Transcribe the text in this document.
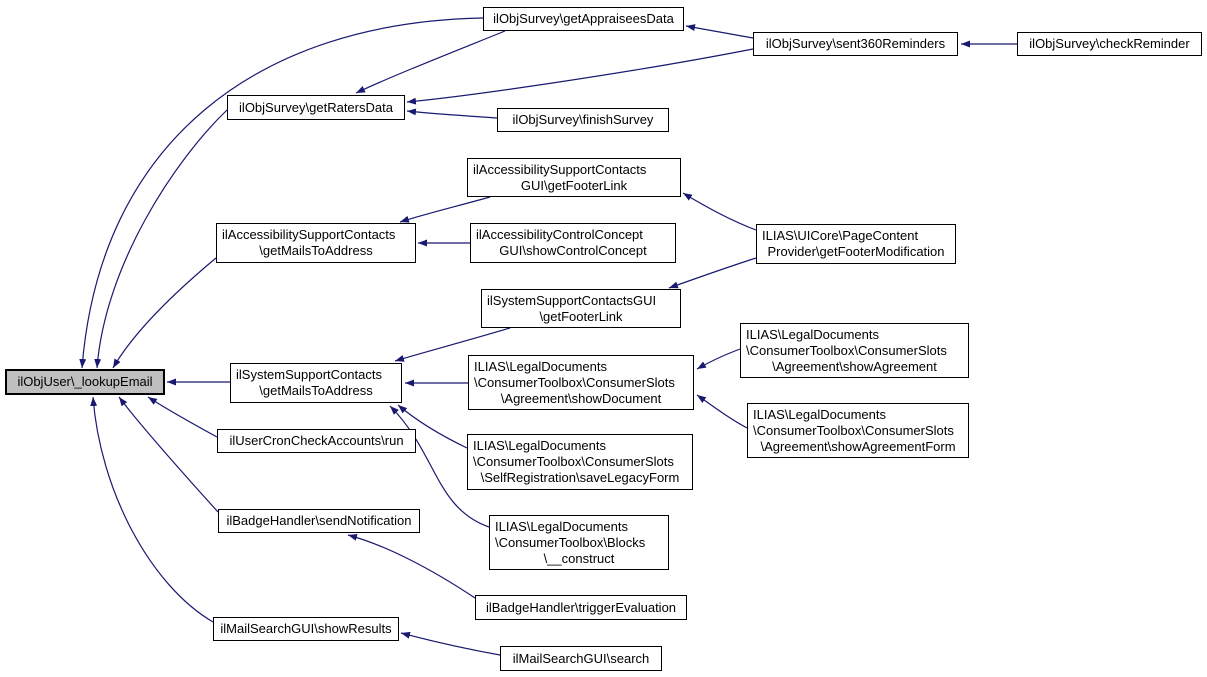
ilObjUser\_lookupEmail
ilObjSurvey\getAppraiseesData
ilObjSurvey\sent360Reminders	ilObjSurvey\checkReminder
ilObjSurvey\getRatersData
ilObjSurvey\finishSurvey
ilAccessibilitySupportContacts
GUI\getFooterLink
ilAccessibilitySupportContacts
\getMailsToAddress
ilAccessibilityControlConcept
GUI\showControlConcept
ILIAS\UICore\PageContent
Provider\getFooterModification
ilSystemSupportContactsGUI
\getFooterLink
ILIAS\LegalDocuments
\ConsumerToolbox\ConsumerSlots
\Agreement\showAgreement
ILIAS\LegalDocuments
\ConsumerToolbox\ConsumerSlots
\Agreement\showDocument
ilSystemSupportContacts
\getMailsToAddress
ILIAS\LegalDocuments
\ConsumerToolbox\ConsumerSlots
\Agreement\showAgreementForm
ilUserCronCheckAccounts\run	ILIAS\LegalDocuments
\ConsumerToolbox\ConsumerSlots
\SelfRegistration\saveLegacyForm
ILIAS\LegalDocuments
\ConsumerToolbox\Blocks
\__construct
ilBadgeHandler\sendNotification
ilBadgeHandler\triggerEvaluation
ilMailSearchGUI\showResults
ilMailSearchGUI\search
